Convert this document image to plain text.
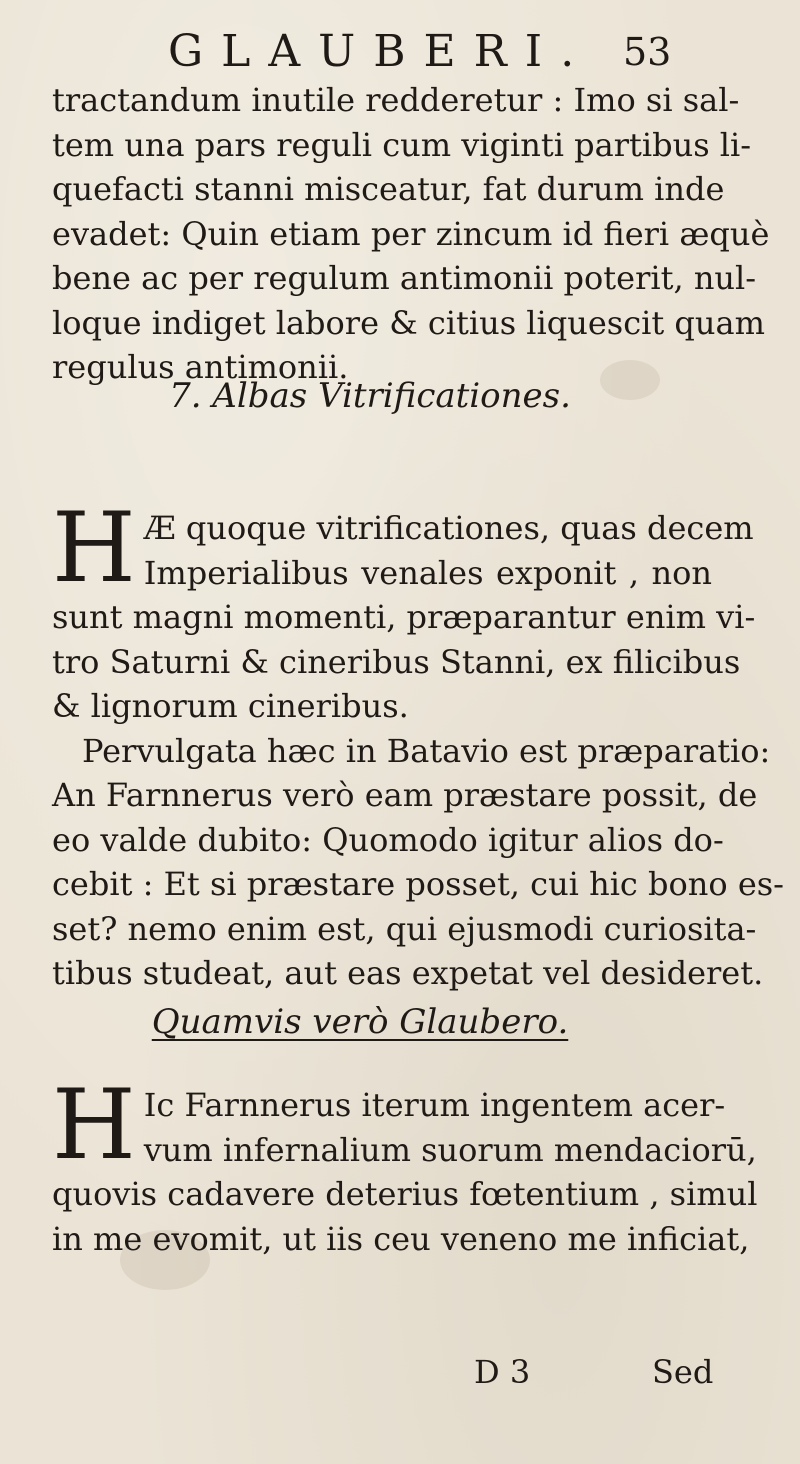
GLAUBERI. 53
tractandum inutile redderetur : Imo si sal-
tem una pars reguli cum viginti partibus li-
quefacti stanni misceatur, fat durum inde
evadet: Quin etiam per zincum id fieri æquè
bene ac per regulum antimonii poterit, nul-
loque indiget labore & citius liquescit quam
regulus antimonii.
7. Albas Vitrificationes.
H Æ quoque vitrificationes, quas decem
Imperialibus venales exponit , non
sunt magni momenti, præparantur enim vi-
tro Saturni & cineribus Stanni, ex filicibus
& lignorum cineribus.
Pervulgata hæc in Batavio est præparatio:
An Farnnerus verò eam præstare possit, de
eo valde dubito: Quomodo igitur alios do-
cebit : Et si præstare posset, cui hic bono es-
set? nemo enim est, qui ejusmodi curiosita-
tibus studeat, aut eas expetat vel desideret.
Quamvis verò Glaubero.
H Ic Farnnerus iterum ingentem acer-
vum infernalium suorum mendaciorū,
quovis cadavere deterius fœtentium , simul
in me evomit, ut iis ceu veneno me inficiat,
D 3	Sed
